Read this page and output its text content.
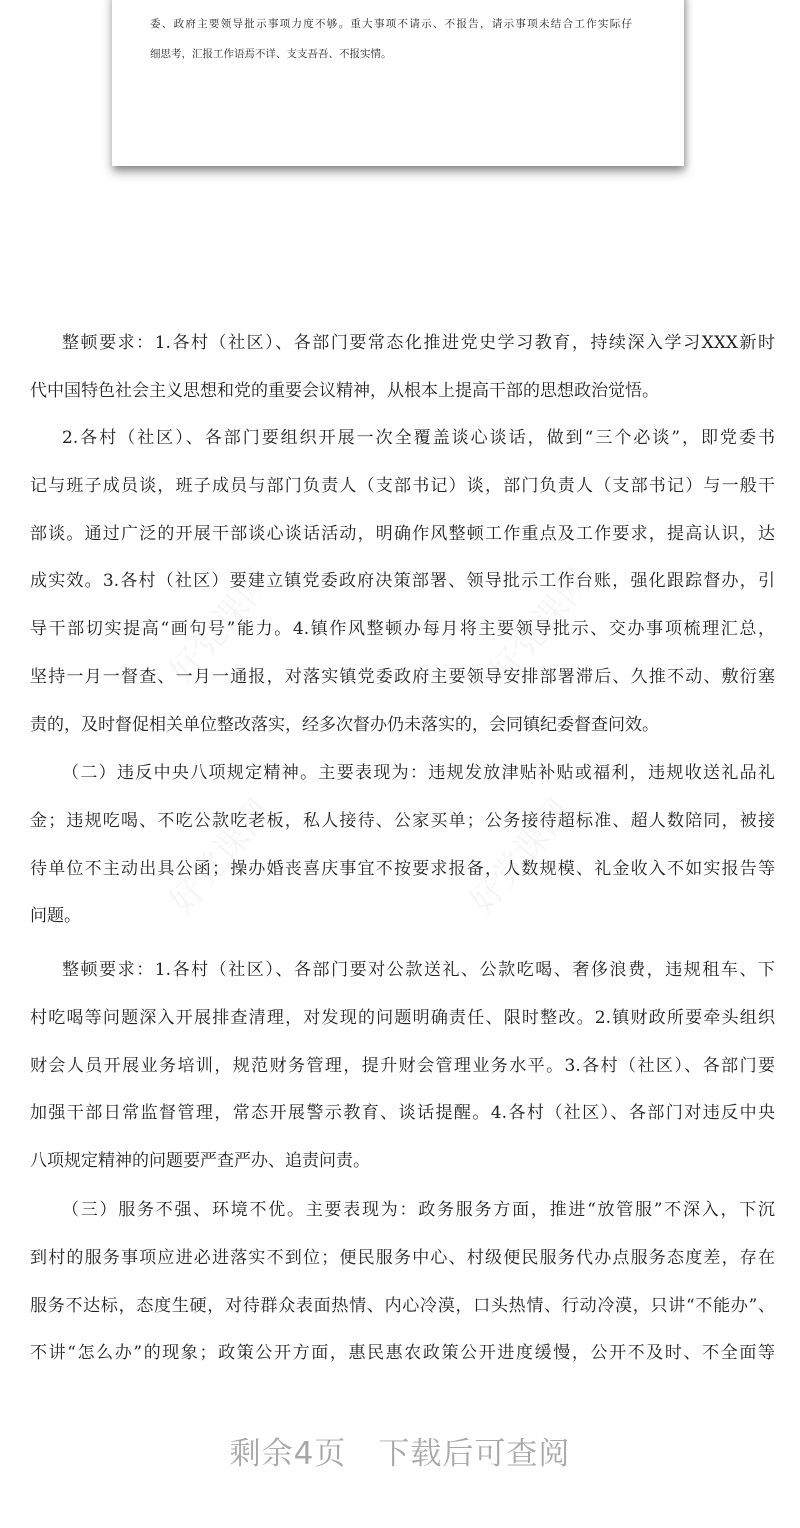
委、政府主要领导批示事项力度不够。重大事项不请示、不报告，请示事项未结合工作实际仔
细思考，汇报工作语焉不详、支支吾吾、不报实情。
整顿要求：1.各村（社区）、各部门要常态化推进党史学习教育，持续深入学习XXX新时
代中国特色社会主义思想和党的重要会议精神，从根本上提高干部的思想政治觉悟。
2.各村（社区）、各部门要组织开展一次全覆盖谈心谈话，做到“三个必谈”，即党委书
记与班子成员谈，班子成员与部门负责人（支部书记）谈，部门负责人（支部书记）与一般干
部谈。通过广泛的开展干部谈心谈话活动，明确作风整顿工作重点及工作要求，提高认识，达
成实效。3.各村（社区）要建立镇党委政府决策部署、领导批示工作台账，强化跟踪督办，引
导干部切实提高“画句号”能力。4.镇作风整顿办每月将主要领导批示、交办事项梳理汇总，
坚持一月一督查、一月一通报，对落实镇党委政府主要领导安排部署滞后、久推不动、敷衍塞
责的，及时督促相关单位整改落实，经多次督办仍未落实的，会同镇纪委督查问效。
（二）违反中央八项规定精神。主要表现为：违规发放津贴补贴或福利，违规收送礼品礼
金；违规吃喝、不吃公款吃老板，私人接待、公家买单；公务接待超标准、超人数陪同，被接
待单位不主动出具公函；操办婚丧喜庆事宜不按要求报备，人数规模、礼金收入不如实报告等
问题。
整顿要求：1.各村（社区）、各部门要对公款送礼、公款吃喝、奢侈浪费，违规租车、下
村吃喝等问题深入开展排查清理，对发现的问题明确责任、限时整改。2.镇财政所要牵头组织
财会人员开展业务培训，规范财务管理，提升财会管理业务水平。3.各村（社区）、各部门要
加强干部日常监督管理，常态开展警示教育、谈话提醒。4.各村（社区）、各部门对违反中央
八项规定精神的问题要严查严办、追责问责。
（三）服务不强、环境不优。主要表现为：政务服务方面，推进“放管服”不深入，下沉
到村的服务事项应进必进落实不到位；便民服务中心、村级便民服务代办点服务态度差，存在
服务不达标，态度生硬，对待群众表面热情、内心冷漠，口头热情、行动冷漠，只讲“不能办”、
不讲“怎么办”的现象；政策公开方面，惠民惠农政策公开进度缓慢，公开不及时、不全面等
剩余4页 下载后可查阅
